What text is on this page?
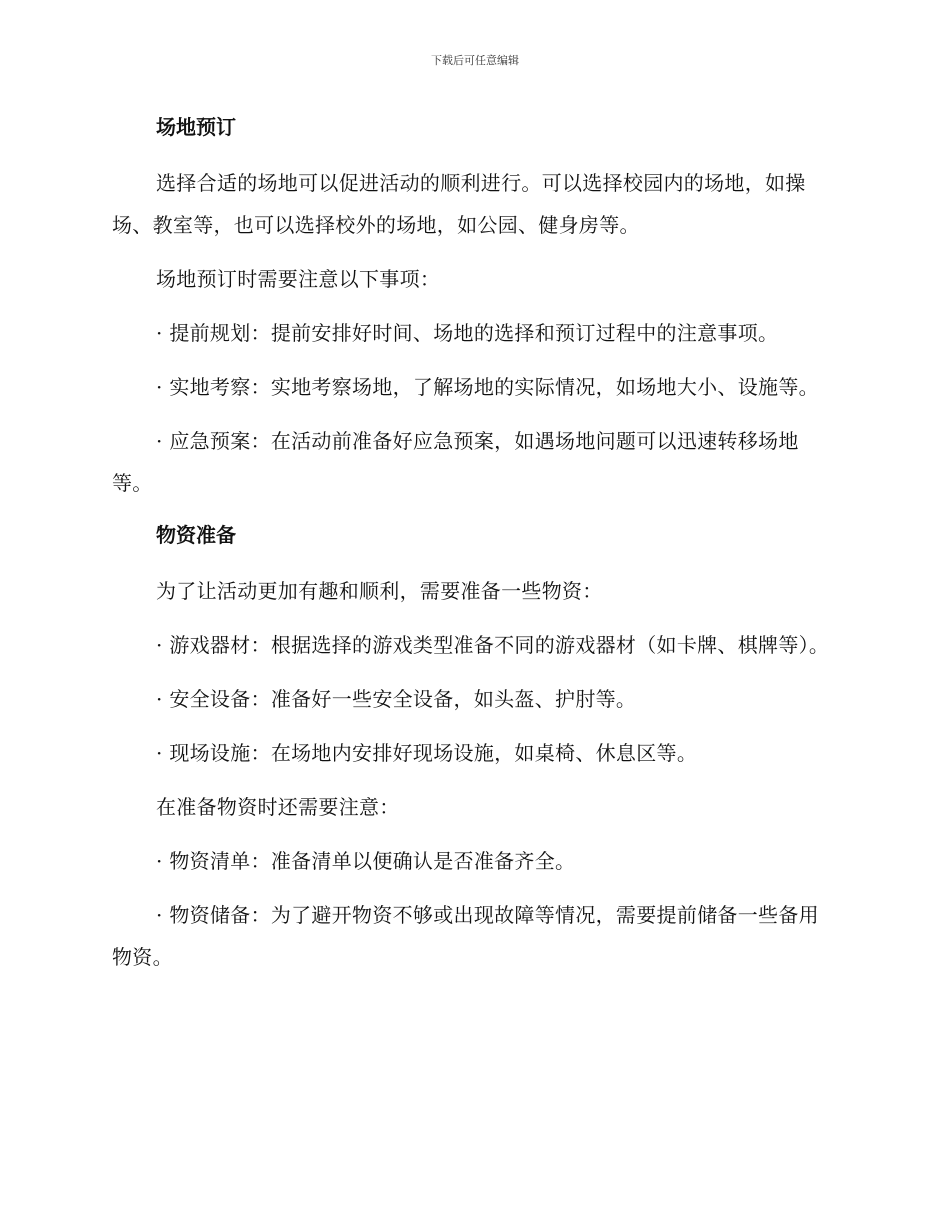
下载后可任意编辑
场地预订

选择合适的场地可以促进活动的顺利进行。可以选择校园内的场地，如操场、教室等，也可以选择校外的场地，如公园、健身房等。

场地预订时需要注意以下事项：

· 提前规划：提前安排好时间、场地的选择和预订过程中的注意事项。

· 实地考察：实地考察场地，了解场地的实际情况，如场地大小、设施等。

· 应急预案：在活动前准备好应急预案，如遇场地问题可以迅速转移场地等。

物资准备

为了让活动更加有趣和顺利，需要准备一些物资：

· 游戏器材：根据选择的游戏类型准备不同的游戏器材（如卡牌、棋牌等）。

· 安全设备：准备好一些安全设备，如头盔、护肘等。

· 现场设施：在场地内安排好现场设施，如桌椅、休息区等。

在准备物资时还需要注意：

· 物资清单：准备清单以便确认是否准备齐全。

· 物资储备：为了避开物资不够或出现故障等情况，需要提前储备一些备用物资。
